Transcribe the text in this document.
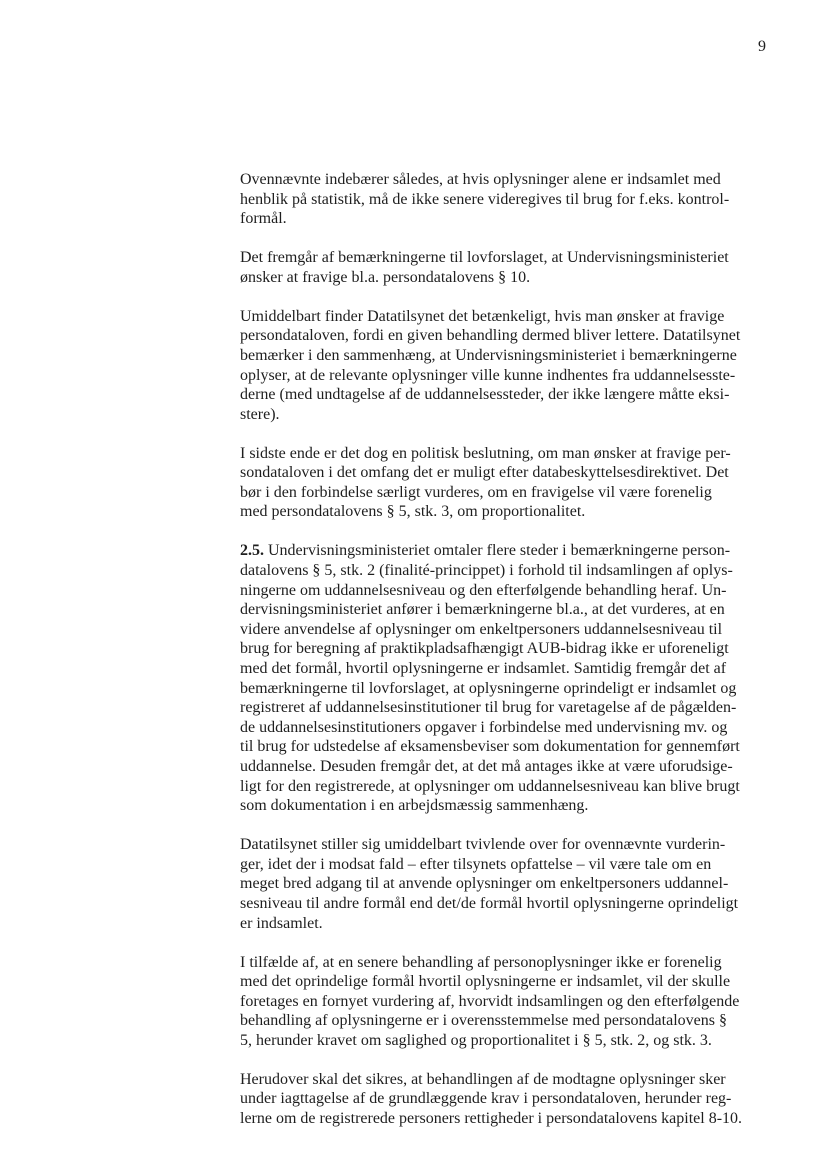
9

Ovennævnte indebærer således, at hvis oplysninger alene er indsamlet med
henblik på statistik, må de ikke senere videregives til brug for f.eks. kontrol-
formål.

Det fremgår af bemærkningerne til lovforslaget, at Undervisningsministeriet
ønsker at fravige bl.a. persondatalovens § 10.

Umiddelbart finder Datatilsynet det betænkeligt, hvis man ønsker at fravige
persondataloven, fordi en given behandling dermed bliver lettere. Datatilsynet
bemærker i den sammenhæng, at Undervisningsministeriet i bemærkningerne
oplyser, at de relevante oplysninger ville kunne indhentes fra uddannelsesste-
derne (med undtagelse af de uddannelsessteder, der ikke længere måtte eksi-
stere).

I sidste ende er det dog en politisk beslutning, om man ønsker at fravige per-
sondataloven i det omfang det er muligt efter databeskyttelsesdirektivet. Det
bør i den forbindelse særligt vurderes, om en fravigelse vil være forenelig
med persondatalovens § 5, stk. 3, om proportionalitet.

2.5. Undervisningsministeriet omtaler flere steder i bemærkningerne person-
datalovens § 5, stk. 2 (finalité-princippet) i forhold til indsamlingen af oplys-
ningerne om uddannelsesniveau og den efterfølgende behandling heraf. Un-
dervisningsministeriet anfører i bemærkningerne bl.a., at det vurderes, at en
videre anvendelse af oplysninger om enkeltpersoners uddannelsesniveau til
brug for beregning af praktikpladsafhængigt AUB-bidrag ikke er uforeneligt
med det formål, hvortil oplysningerne er indsamlet. Samtidig fremgår det af
bemærkningerne til lovforslaget, at oplysningerne oprindeligt er indsamlet og
registreret af uddannelsesinstitutioner til brug for varetagelse af de pågælden-
de uddannelsesinstitutioners opgaver i forbindelse med undervisning mv. og
til brug for udstedelse af eksamensbeviser som dokumentation for gennemført
uddannelse. Desuden fremgår det, at det må antages ikke at være uforudsige-
ligt for den registrerede, at oplysninger om uddannelsesniveau kan blive brugt
som dokumentation i en arbejdsmæssig sammenhæng.

Datatilsynet stiller sig umiddelbart tvivlende over for ovennævnte vurderin-
ger, idet der i modsat fald – efter tilsynets opfattelse – vil være tale om en
meget bred adgang til at anvende oplysninger om enkeltpersoners uddannel-
sesniveau til andre formål end det/de formål hvortil oplysningerne oprindeligt
er indsamlet.

I tilfælde af, at en senere behandling af personoplysninger ikke er forenelig
med det oprindelige formål hvortil oplysningerne er indsamlet, vil der skulle
foretages en fornyet vurdering af, hvorvidt indsamlingen og den efterfølgende
behandling af oplysningerne er i overensstemmelse med persondatalovens §
5, herunder kravet om saglighed og proportionalitet i § 5, stk. 2, og stk. 3.

Herudover skal det sikres, at behandlingen af de modtagne oplysninger sker
under iagttagelse af de grundlæggende krav i persondataloven, herunder reg-
lerne om de registrerede personers rettigheder i persondatalovens kapitel 8-10.
